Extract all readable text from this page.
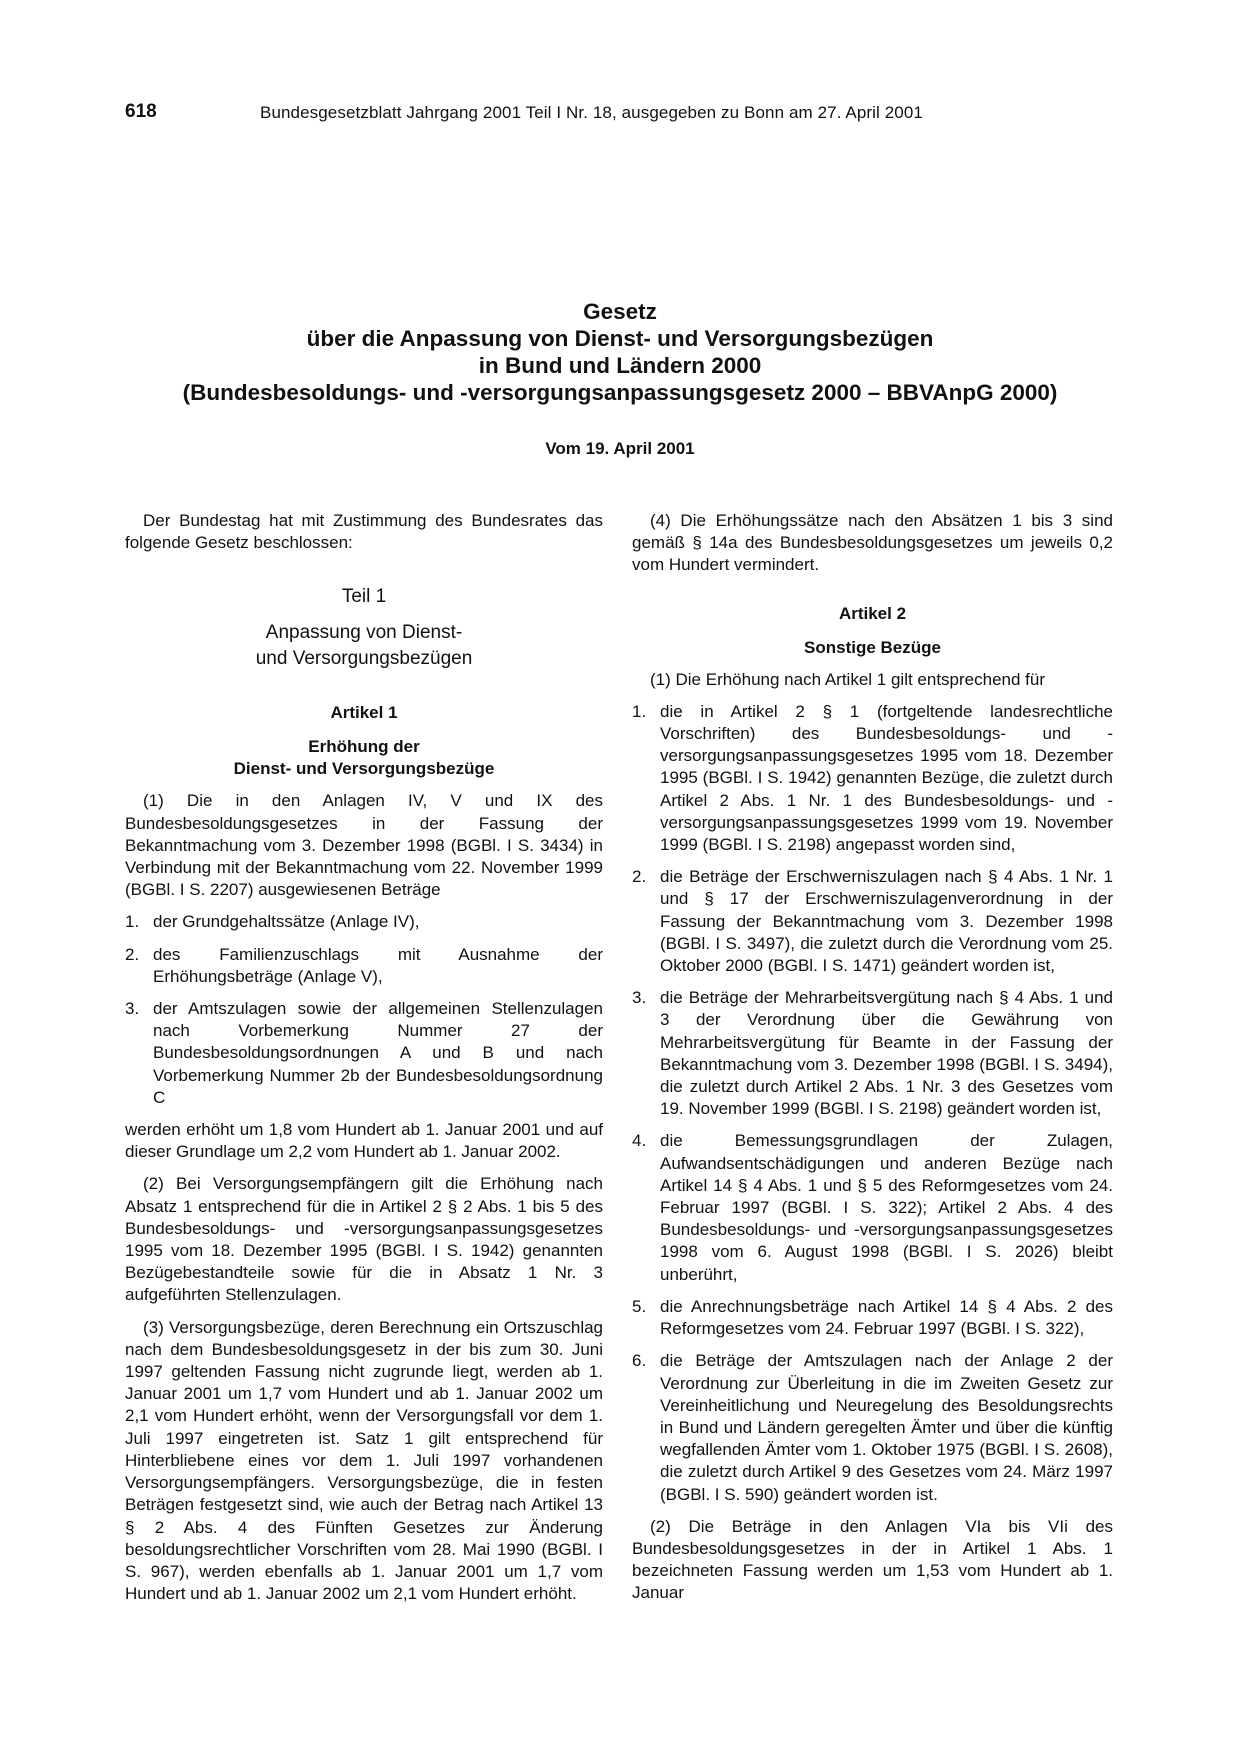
618	Bundesgesetzblatt Jahrgang 2001 Teil I Nr. 18, ausgegeben zu Bonn am 27. April 2001
Gesetz
über die Anpassung von Dienst- und Versorgungsbezügen
in Bund und Ländern 2000
(Bundesbesoldungs- und -versorgungsanpassungsgesetz 2000 – BBVAnpG 2000)
Vom 19. April 2001

Der Bundestag hat mit Zustimmung des Bundesrates das folgende Gesetz beschlossen:

Teil 1
Anpassung von Dienst-
und Versorgungsbezügen
Artikel 1
Erhöhung der
Dienst- und Versorgungsbezüge

(1) Die in den Anlagen IV, V und IX des Bundesbesoldungsgesetzes in der Fassung der Bekanntmachung vom 3. Dezember 1998 (BGBl. I S. 3434) in Verbindung mit der Bekanntmachung vom 22. November 1999 (BGBl. I S. 2207) ausgewiesenen Beträge

1. der Grundgehaltssätze (Anlage IV),
2. des Familienzuschlags mit Ausnahme der Erhöhungsbeträge (Anlage V),
3. der Amtszulagen sowie der allgemeinen Stellenzulagen nach Vorbemerkung Nummer 27 der Bundesbesoldungsordnungen A und B und nach Vorbemerkung Nummer 2b der Bundesbesoldungsordnung C

werden erhöht um 1,8 vom Hundert ab 1. Januar 2001 und auf dieser Grundlage um 2,2 vom Hundert ab 1. Januar 2002.

(2) Bei Versorgungsempfängern gilt die Erhöhung nach Absatz 1 entsprechend für die in Artikel 2 § 2 Abs. 1 bis 5 des Bundesbesoldungs- und -versorgungsanpassungsgesetzes 1995 vom 18. Dezember 1995 (BGBl. I S. 1942) genannten Bezügebestandteile sowie für die in Absatz 1 Nr. 3 aufgeführten Stellenzulagen.

(3) Versorgungsbezüge, deren Berechnung ein Ortszuschlag nach dem Bundesbesoldungsgesetz in der bis zum 30. Juni 1997 geltenden Fassung nicht zugrunde liegt, werden ab 1. Januar 2001 um 1,7 vom Hundert und ab 1. Januar 2002 um 2,1 vom Hundert erhöht, wenn der Versorgungsfall vor dem 1. Juli 1997 eingetreten ist. Satz 1 gilt entsprechend für Hinterbliebene eines vor dem 1. Juli 1997 vorhandenen Versorgungsempfängers. Versorgungsbezüge, die in festen Beträgen festgesetzt sind, wie auch der Betrag nach Artikel 13 § 2 Abs. 4 des Fünften Gesetzes zur Änderung besoldungsrechtlicher Vorschriften vom 28. Mai 1990 (BGBl. I S. 967), werden ebenfalls ab 1. Januar 2001 um 1,7 vom Hundert und ab 1. Januar 2002 um 2,1 vom Hundert erhöht.

(4) Die Erhöhungssätze nach den Absätzen 1 bis 3 sind gemäß § 14a des Bundesbesoldungsgesetzes um jeweils 0,2 vom Hundert vermindert.

Artikel 2
Sonstige Bezüge

(1) Die Erhöhung nach Artikel 1 gilt entsprechend für

1. die in Artikel 2 § 1 (fortgeltende landesrechtliche Vorschriften) des Bundesbesoldungs- und -versorgungsanpassungsgesetzes 1995 vom 18. Dezember 1995 (BGBl. I S. 1942) genannten Bezüge, die zuletzt durch Artikel 2 Abs. 1 Nr. 1 des Bundesbesoldungs- und -versorgungsanpassungsgesetzes 1999 vom 19. November 1999 (BGBl. I S. 2198) angepasst worden sind,
2. die Beträge der Erschwerniszulagen nach § 4 Abs. 1 Nr. 1 und § 17 der Erschwerniszulagenverordnung in der Fassung der Bekanntmachung vom 3. Dezember 1998 (BGBl. I S. 3497), die zuletzt durch die Verordnung vom 25. Oktober 2000 (BGBl. I S. 1471) geändert worden ist,
3. die Beträge der Mehrarbeitsvergütung nach § 4 Abs. 1 und 3 der Verordnung über die Gewährung von Mehrarbeitsvergütung für Beamte in der Fassung der Bekanntmachung vom 3. Dezember 1998 (BGBl. I S. 3494), die zuletzt durch Artikel 2 Abs. 1 Nr. 3 des Gesetzes vom 19. November 1999 (BGBl. I S. 2198) geändert worden ist,
4. die Bemessungsgrundlagen der Zulagen, Aufwandsentschädigungen und anderen Bezüge nach Artikel 14 § 4 Abs. 1 und § 5 des Reformgesetzes vom 24. Februar 1997 (BGBl. I S. 322); Artikel 2 Abs. 4 des Bundesbesoldungs- und -versorgungsanpassungsgesetzes 1998 vom 6. August 1998 (BGBl. I S. 2026) bleibt unberührt,
5. die Anrechnungsbeträge nach Artikel 14 § 4 Abs. 2 des Reformgesetzes vom 24. Februar 1997 (BGBl. I S. 322),
6. die Beträge der Amtszulagen nach der Anlage 2 der Verordnung zur Überleitung in die im Zweiten Gesetz zur Vereinheitlichung und Neuregelung des Besoldungsrechts in Bund und Ländern geregelten Ämter und über die künftig wegfallenden Ämter vom 1. Oktober 1975 (BGBl. I S. 2608), die zuletzt durch Artikel 9 des Gesetzes vom 24. März 1997 (BGBl. I S. 590) geändert worden ist.

(2) Die Beträge in den Anlagen VIa bis VIi des Bundesbesoldungsgesetzes in der in Artikel 1 Abs. 1 bezeichneten Fassung werden um 1,53 vom Hundert ab 1. Januar
